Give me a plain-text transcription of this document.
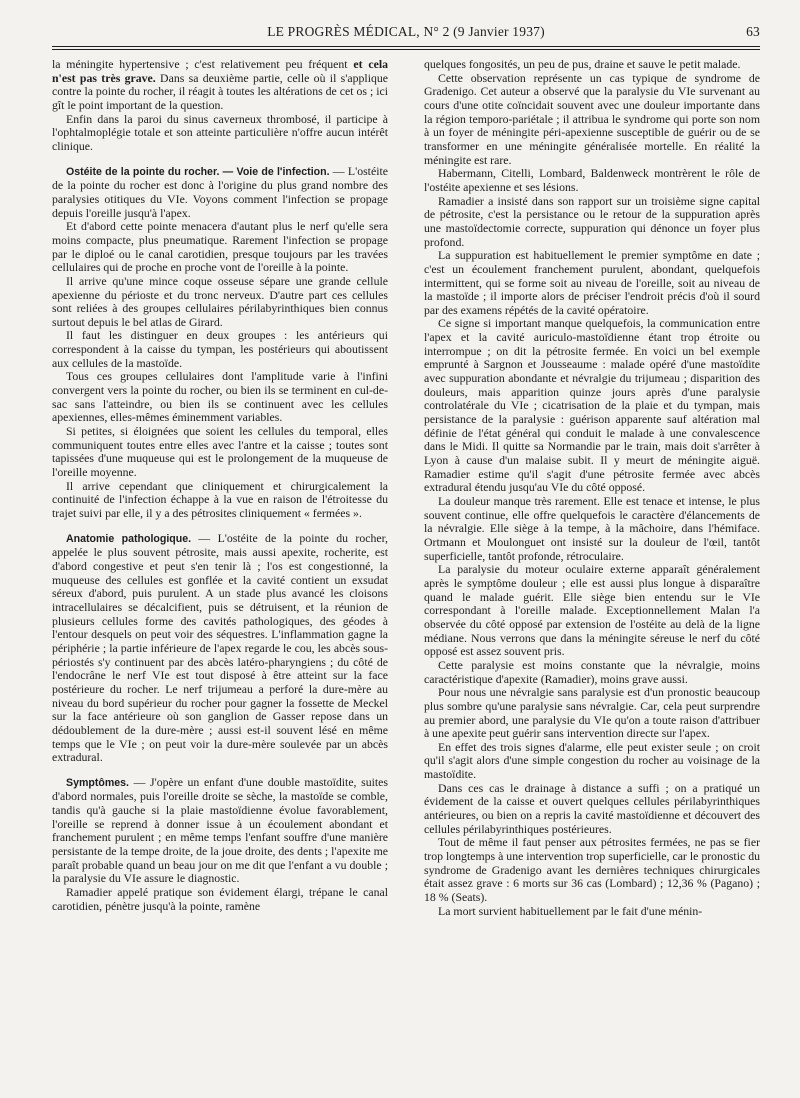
LE PROGRÈS MÉDICAL, N° 2 (9 Janvier 1937)	63

la méningite hypertensive ; c'est relativement peu fréquent et cela n'est pas très grave. Dans sa deuxième partie, celle où il s'applique contre la pointe du rocher, il réagit à toutes les altérations de cet os ; ici gît le point important de la question.

Enfin dans la paroi du sinus caverneux thrombosé, il participe à l'ophtalmoplégie totale et son atteinte particulière n'offre aucun intérêt clinique.

Ostéite de la pointe du rocher. — Voie de l'infection. — L'ostéite de la pointe du rocher est donc à l'origine du plus grand nombre des paralysies otitiques du VIe. Voyons comment l'infection se propage depuis l'oreille jusqu'à l'apex.

Et d'abord cette pointe menacera d'autant plus le nerf qu'elle sera moins compacte, plus pneumatique. Rarement l'infection se propage par le diploé ou le canal carotidien, presque toujours par les travées cellulaires qui de proche en proche vont de l'oreille à la pointe.

Il arrive qu'une mince coque osseuse sépare une grande cellule apexienne du périoste et du tronc nerveux. D'autre part ces cellules sont reliées à des groupes cellulaires périlabyrinthiques bien connus surtout depuis le bel atlas de Girard.

Il faut les distinguer en deux groupes : les antérieurs qui correspondent à la caisse du tympan, les postérieurs qui aboutissent aux cellules de la mastoïde.

Tous ces groupes cellulaires dont l'amplitude varie à l'infini convergent vers la pointe du rocher, ou bien ils se terminent en cul-de-sac sans l'atteindre, ou bien ils se continuent avec les cellules apexiennes, elles-mêmes éminemment variables.

Si petites, si éloignées que soient les cellules du temporal, elles communiquent toutes entre elles avec l'antre et la caisse ; toutes sont tapissées d'une muqueuse qui est le prolongement de la muqueuse de l'oreille moyenne.

Il arrive cependant que cliniquement et chirurgicalement la continuité de l'infection échappe à la vue en raison de l'étroitesse du trajet suivi par elle, il y a des pétrosites cliniquement « fermées ».

Anatomie pathologique. — L'ostéite de la pointe du rocher, appelée le plus souvent pétrosite, mais aussi apexite, rocherite, est d'abord congestive et peut s'en tenir là ; l'os est congestionné, la muqueuse des cellules est gonflée et la cavité contient un exsudat séreux d'abord, puis purulent. A un stade plus avancé les cloisons intracellulaires se décalcifient, puis se détruisent, et la réunion de plusieurs cellules forme des cavités pathologiques, des géodes à l'entour desquels on peut voir des séquestres. L'inflammation gagne la périphérie ; la partie inférieure de l'apex regarde le cou, les abcès sous-périostés s'y continuent par des abcès latéro-pharyngiens ; du côté de l'endocrâne le nerf VIe est tout disposé à être atteint sur la face postérieure du rocher. Le nerf trijumeau a perforé la dure-mère au niveau du bord supérieur du rocher pour gagner la fossette de Meckel sur la face antérieure où son ganglion de Gasser repose dans un dédoublement de la dure-mère ; aussi est-il souvent lésé en même temps que le VIe ; on peut voir la dure-mère soulevée par un abcès extradural.

Symptômes. — J'opère un enfant d'une double mastoïdite, suites d'abord normales, puis l'oreille droite se sèche, la mastoïde se comble, tandis qu'à gauche si la plaie mastoïdienne évolue favorablement, l'oreille se reprend à donner issue à un écoulement abondant et franchement purulent ; en même temps l'enfant souffre d'une manière persistante de la tempe droite, de la joue droite, des dents ; l'apexite me paraît probable quand un beau jour on me dit que l'enfant a vu double ; la paralysie du VIe assure le diagnostic.

Ramadier appelé pratique son évidement élargi, trépane le canal carotidien, pénètre jusqu'à la pointe, ramène

quelques fongosités, un peu de pus, draine et sauve le petit malade.

Cette observation représente un cas typique de syndrome de Gradenigo. Cet auteur a observé que la paralysie du VIe survenant au cours d'une otite coïncidait souvent avec une douleur importante dans la région temporo-pariétale ; il attribua le syndrome qui porte son nom à un foyer de méningite péri-apexienne susceptible de guérir ou de se transformer en une méningite généralisée mortelle. En réalité la méningite est rare.

Habermann, Citelli, Lombard, Baldenweck montrèrent le rôle de l'ostéite apexienne et ses lésions.

Ramadier a insisté dans son rapport sur un troisième signe capital de pétrosite, c'est la persistance ou le retour de la suppuration après une mastoïdectomie correcte, suppuration qui dénonce un foyer plus profond.

La suppuration est habituellement le premier symptôme en date ; c'est un écoulement franchement purulent, abondant, quelquefois intermittent, qui se forme soit au niveau de l'oreille, soit au niveau de la mastoïde ; il importe alors de préciser l'endroit précis d'où il sourd par des examens répétés de la cavité opératoire.

Ce signe si important manque quelquefois, la communication entre l'apex et la cavité auriculo-mastoïdienne étant trop étroite ou interrompue ; on dit la pétrosite fermée. En voici un bel exemple emprunté à Sargnon et Jousseaume : malade opéré d'une mastoïdite avec suppuration abondante et névralgie du trijumeau ; disparition des douleurs, mais apparition quinze jours après d'une paralysie controlatérale du VIe ; cicatrisation de la plaie et du tympan, mais persistance de la paralysie : guérison apparente sauf altération mal définie de l'état général qui conduit le malade à une convalescence dans le Midi. Il quitte sa Normandie par le train, mais doit s'arrêter à Lyon à cause d'un malaise subit. Il y meurt de méningite aiguë. Ramadier estime qu'il s'agit d'une pétrosite fermée avec abcès extradural étendu jusqu'au VIe du côté opposé.

La douleur manque très rarement. Elle est tenace et intense, le plus souvent continue, elle offre quelquefois le caractère d'élancements de la névralgie. Elle siège à la tempe, à la mâchoire, dans l'hémiface. Ortmann et Moulonguet ont insisté sur la douleur de l'œil, tantôt superficielle, tantôt profonde, rétroculaire.

La paralysie du moteur oculaire externe apparaît généralement après le symptôme douleur ; elle est aussi plus longue à disparaître quand le malade guérit. Elle siège bien entendu sur le VIe correspondant à l'oreille malade. Exceptionnellement Malan l'a observée du côté opposé par extension de l'ostéite au delà de la ligne médiane. Nous verrons que dans la méningite séreuse le nerf du côté opposé est assez souvent pris.

Cette paralysie est moins constante que la névralgie, moins caractéristique d'apexite (Ramadier), moins grave aussi.

Pour nous une névralgie sans paralysie est d'un pronostic beaucoup plus sombre qu'une paralysie sans névralgie. Car, cela peut surprendre au premier abord, une paralysie du VIe qu'on a toute raison d'attribuer à une apexite peut guérir sans intervention directe sur l'apex.

En effet des trois signes d'alarme, elle peut exister seule ; on croit qu'il s'agit alors d'une simple congestion du rocher au voisinage de la mastoïdite.

Dans ces cas le drainage à distance a suffi ; on a pratiqué un évidement de la caisse et ouvert quelques cellules périlabyrinthiques antérieures, ou bien on a repris la cavité mastoïdienne et découvert des cellules périlabyrinthiques postérieures.

Tout de même il faut penser aux pétrosites fermées, ne pas se fier trop longtemps à une intervention trop superficielle, car le pronostic du syndrome de Gradenigo avant les dernières techniques chirurgicales était assez grave : 6 morts sur 36 cas (Lombard) ; 12,36 % (Pagano) ; 18 % (Seats).

La mort survient habituellement par le fait d'une ménin-
